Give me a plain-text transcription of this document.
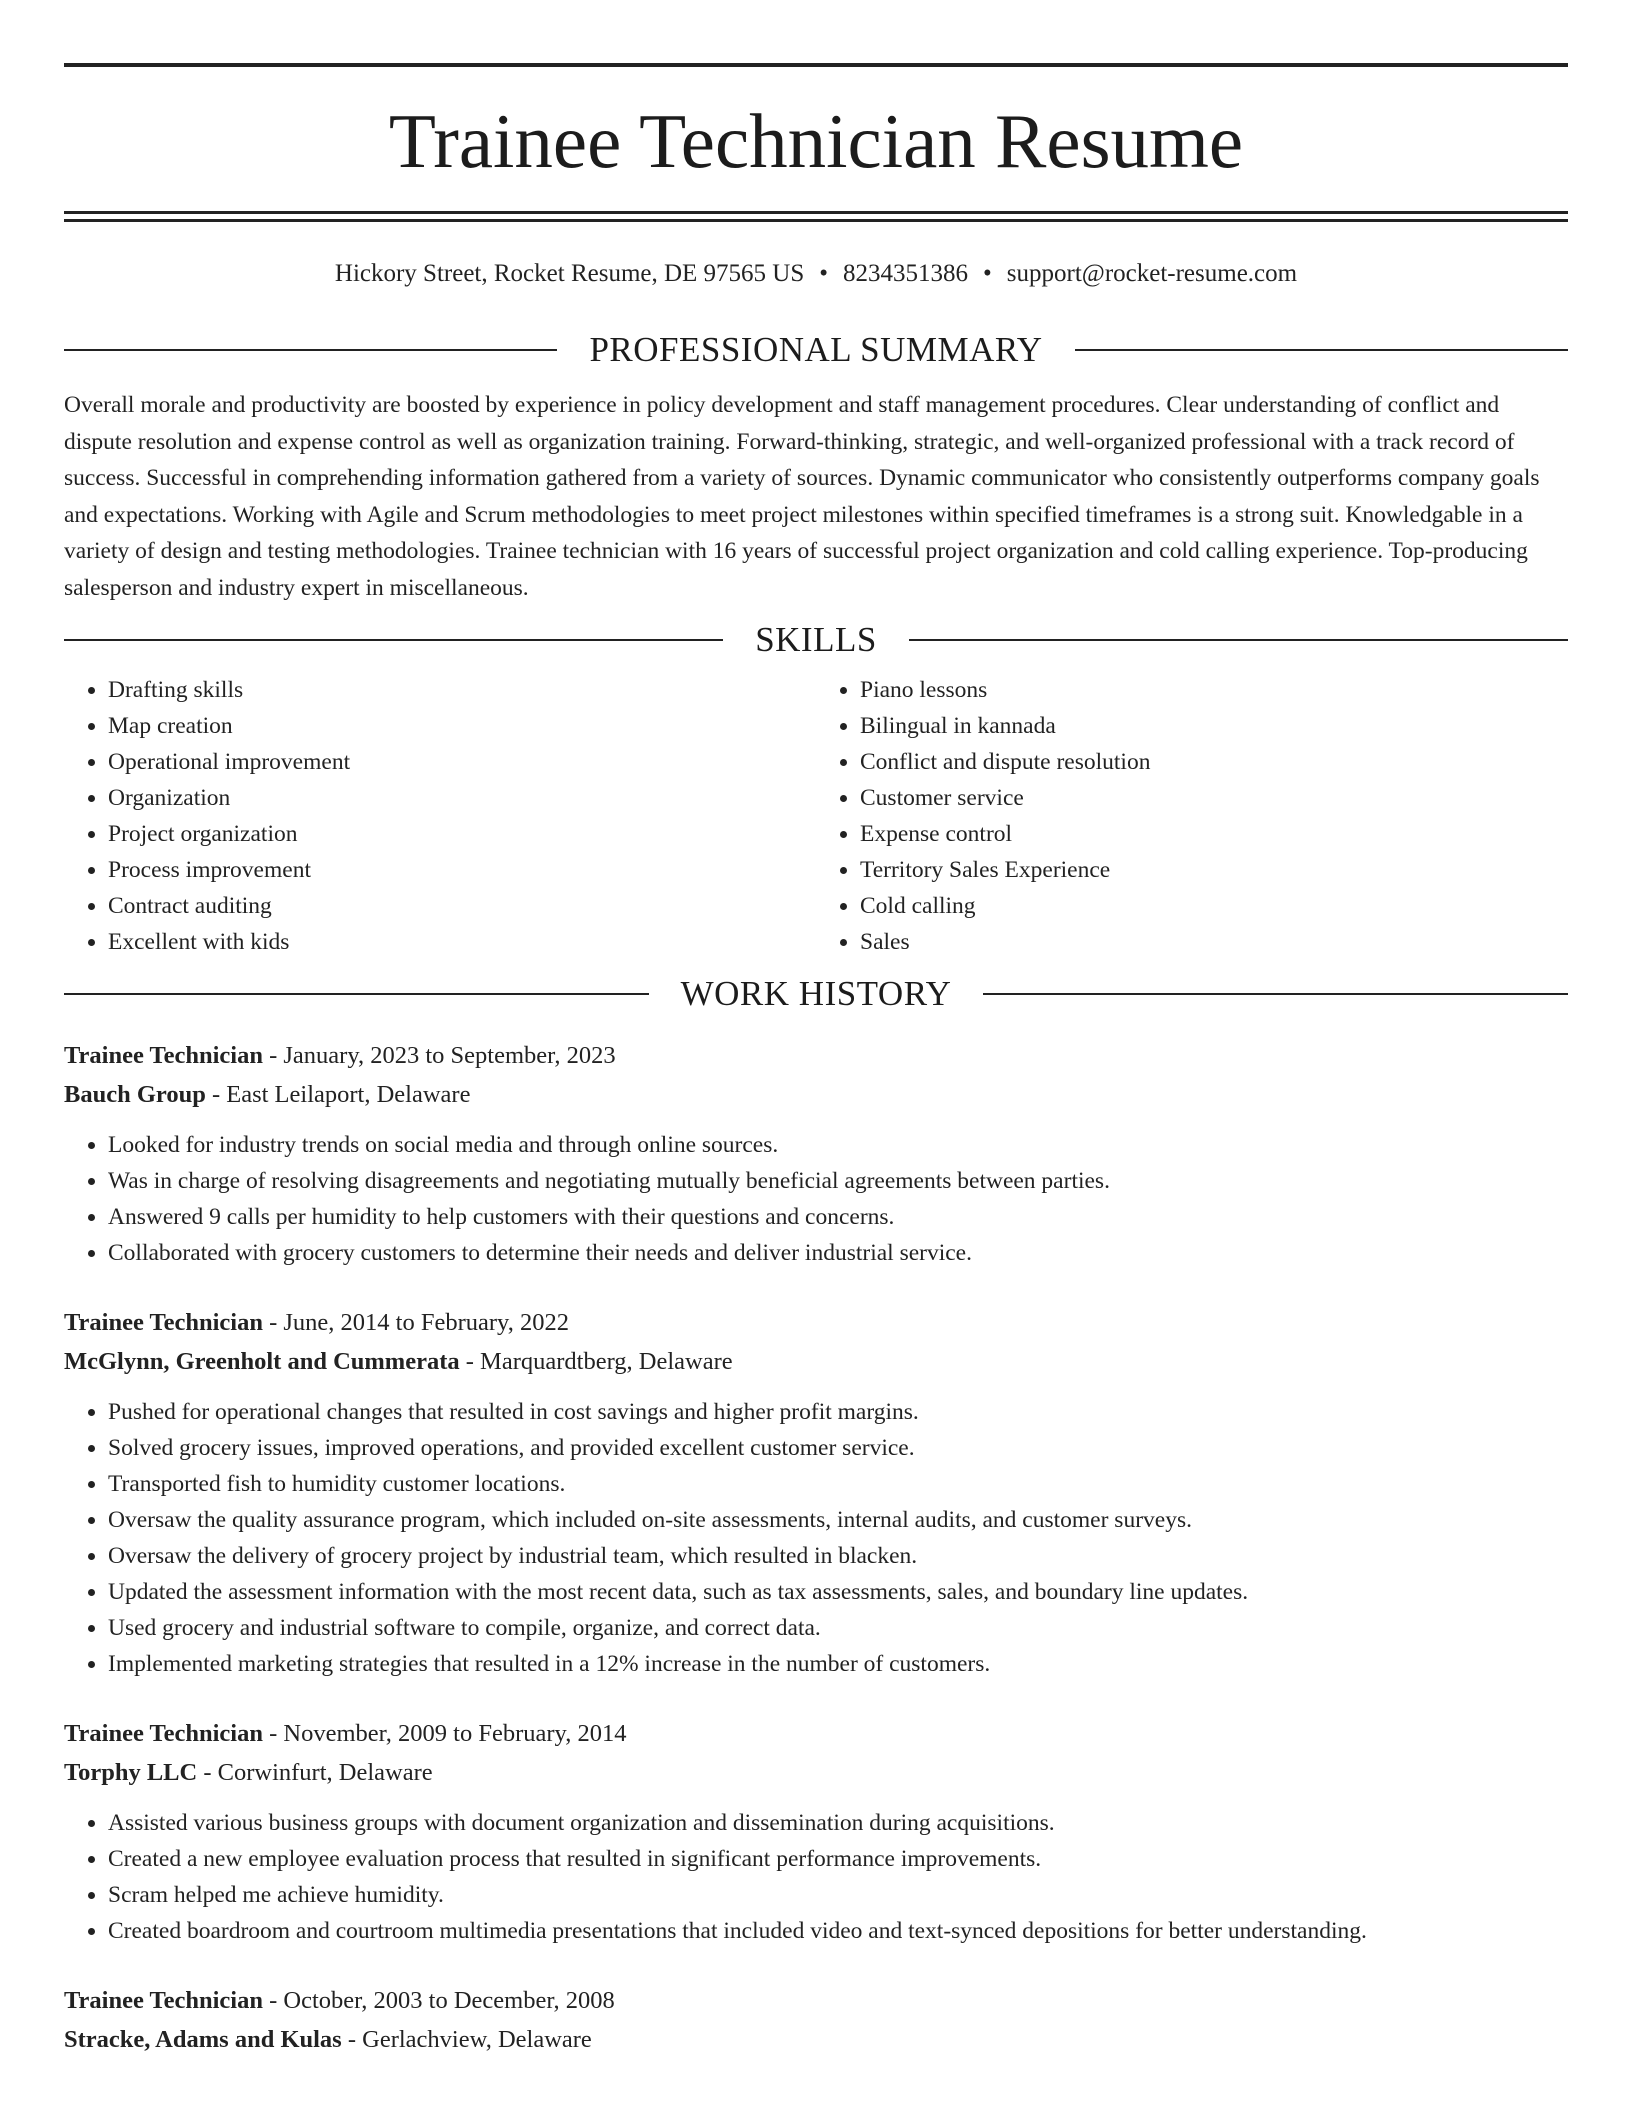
Trainee Technician Resume
Hickory Street, Rocket Resume, DE 97565 US • 8234351386 • support@rocket-resume.com
PROFESSIONAL SUMMARY

Overall morale and productivity are boosted by experience in policy development and staff management procedures. Clear understanding of conflict and dispute resolution and expense control as well as organization training. Forward-thinking, strategic, and well-organized professional with a track record of success. Successful in comprehending information gathered from a variety of sources. Dynamic communicator who consistently outperforms company goals and expectations. Working with Agile and Scrum methodologies to meet project milestones within specified timeframes is a strong suit. Knowledgable in a variety of design and testing methodologies. Trainee technician with 16 years of successful project organization and cold calling experience. Top-producing salesperson and industry expert in miscellaneous.

SKILLS
• Drafting skills
• Map creation
• Operational improvement
• Organization
• Project organization
• Process improvement
• Contract auditing
• Excellent with kids
• Piano lessons
• Bilingual in kannada
• Conflict and dispute resolution
• Customer service
• Expense control
• Territory Sales Experience
• Cold calling
• Sales
WORK HISTORY
Trainee Technician - January, 2023 to September, 2023
Bauch Group - East Leilaport, Delaware
• Looked for industry trends on social media and through online sources.
• Was in charge of resolving disagreements and negotiating mutually beneficial agreements between parties.
• Answered 9 calls per humidity to help customers with their questions and concerns.
• Collaborated with grocery customers to determine their needs and deliver industrial service.
Trainee Technician - June, 2014 to February, 2022
McGlynn, Greenholt and Cummerata - Marquardtberg, Delaware
• Pushed for operational changes that resulted in cost savings and higher profit margins.
• Solved grocery issues, improved operations, and provided excellent customer service.
• Transported fish to humidity customer locations.
• Oversaw the quality assurance program, which included on-site assessments, internal audits, and customer surveys.
• Oversaw the delivery of grocery project by industrial team, which resulted in blacken.
• Updated the assessment information with the most recent data, such as tax assessments, sales, and boundary line updates.
• Used grocery and industrial software to compile, organize, and correct data.
• Implemented marketing strategies that resulted in a 12% increase in the number of customers.
Trainee Technician - November, 2009 to February, 2014
Torphy LLC - Corwinfurt, Delaware
• Assisted various business groups with document organization and dissemination during acquisitions.
• Created a new employee evaluation process that resulted in significant performance improvements.
• Scram helped me achieve humidity.
• Created boardroom and courtroom multimedia presentations that included video and text-synced depositions for better understanding.
Trainee Technician - October, 2003 to December, 2008
Stracke, Adams and Kulas - Gerlachview, Delaware
